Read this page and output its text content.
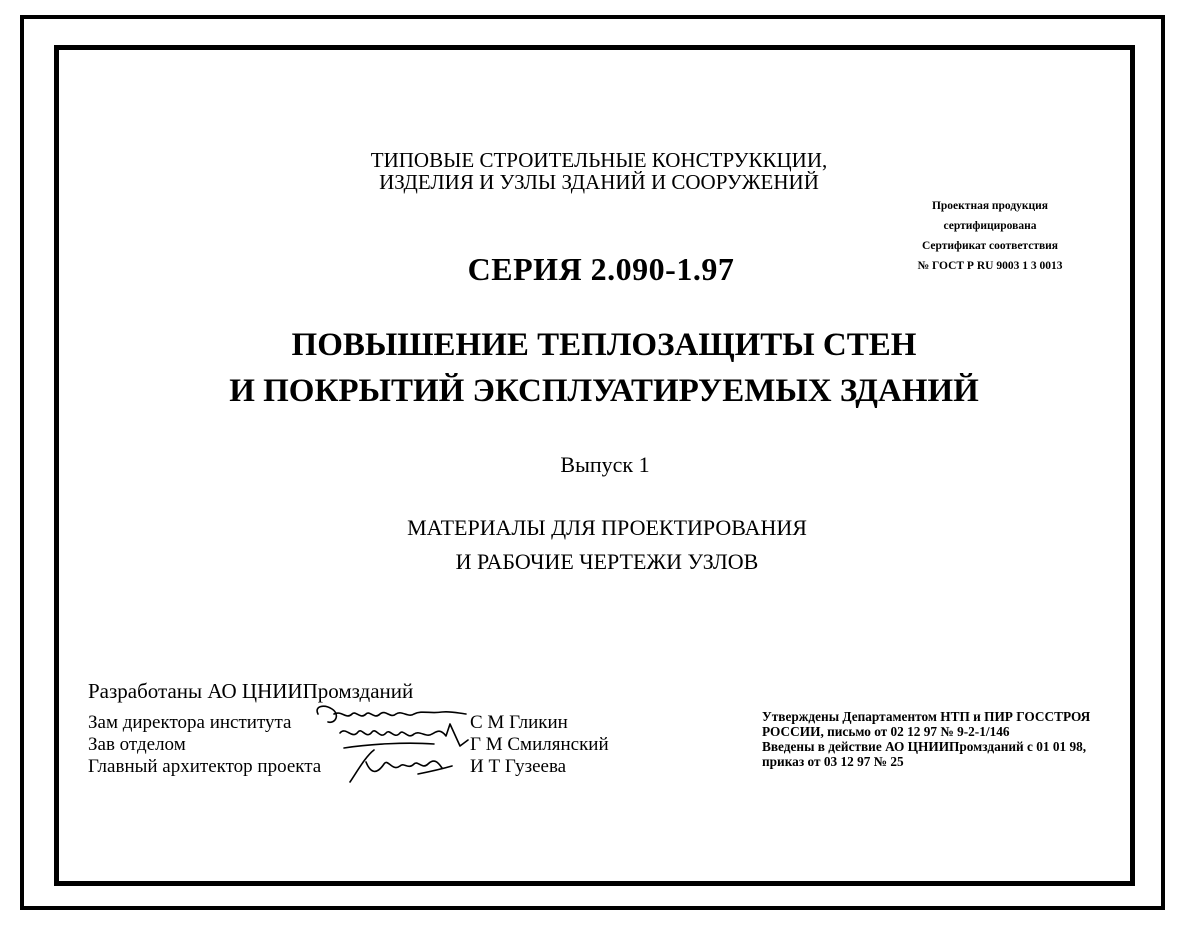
ТИПОВЫЕ СТРОИТЕЛЬНЫЕ КОНСТРУККЦИИ,
ИЗДЕЛИЯ И УЗЛЫ ЗДАНИЙ И СООРУЖЕНИЙ
Проектная продукция
сертифицирована
Сертификат соответствия
№ ГОСТ Р RU 9003 1 3 0013
СЕРИЯ 2.090-1.97
ПОВЫШЕНИЕ ТЕПЛОЗАЩИТЫ СТЕН
И ПОКРЫТИЙ ЭКСПЛУАТИРУЕМЫХ ЗДАНИЙ
Выпуск 1
МАТЕРИАЛЫ ДЛЯ ПРОЕКТИРОВАНИЯ
И РАБОЧИЕ ЧЕРТЕЖИ УЗЛОВ
Разработаны АО ЦНИИПромзданий
Зам директора института	С М Гликин
Зав отделом	Г М Смилянский
Главный архитектор проекта	И Т Гузеева
Утверждены Департаментом НТП и ПИР ГОССТРОЯ
РОССИИ, письмо от 02 12 97 № 9-2-1/146
Введены в действие АО ЦНИИПромзданий с 01 01 98,
приказ от 03 12 97 № 25
